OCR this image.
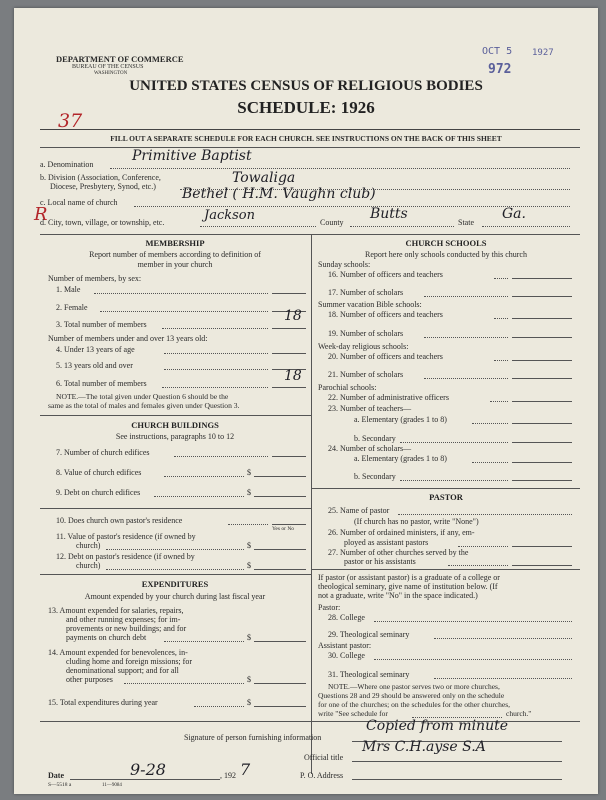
DEPARTMENT OF COMMERCE
BUREAU OF THE CENSUS
WASHINGTON
OCT 5 1927
972
37
UNITED STATES CENSUS OF RELIGIOUS BODIES
SCHEDULE: 1926
FILL OUT A SEPARATE SCHEDULE FOR EACH CHURCH. SEE INSTRUCTIONS ON THE BACK OF THIS SHEET
a. Denomination
Primitive Baptist
b. Division (Association, Conference,
Diocese, Presbytery, Synod, etc.)
Towaliga
c. Local name of church
Bethel ( H.M. Vaughn club)
R
d. City, town, village, or township, etc.	Jackson	County
Butts
State
Ga.
MEMBERSHIP
Report number of members according to definition of
member in your church
Number of members, by sex:
1. Male
2. Female
3. Total number of members
18
Number of members under and over 13 years old:
4. Under 13 years of age
5. 13 years old and over
6. Total number of members	18
NOTE.—The total given under Question 6 should be the
same as the total of males and females given under Question 3.
CHURCH BUILDINGS
See instructions, paragraphs 10 to 12
7. Number of church edifices
8. Value of church edifices	$
9. Debt on church edifices	$
10. Does church own pastor's residence
Yes or No
11. Value of pastor's residence (if owned by
church)	$
12. Debt on pastor's residence (if owned by
church)	$
EXPENDITURES
Amount expended by your church during last fiscal year
13. Amount expended for salaries, repairs,
and other running expenses; for im-
provements or new buildings; and for
payments on church debt	$
14. Amount expended for benevolences, in-
cluding home and foreign missions; for
denominational support; and for all
other purposes	$
15. Total expenditures during year	$
CHURCH SCHOOLS
Report here only schools conducted by this church
Sunday schools:
16. Number of officers and teachers
17. Number of scholars
Summer vacation Bible schools:
18. Number of officers and teachers
19. Number of scholars
Week-day religious schools:
20. Number of officers and teachers
21. Number of scholars
Parochial schools:
22. Number of administrative officers
23. Number of teachers—
a. Elementary (grades 1 to 8)
b. Secondary
24. Number of scholars—
a. Elementary (grades 1 to 8)
b. Secondary
PASTOR
25. Name of pastor
(If church has no pastor, write "None")
26. Number of ordained ministers, if any, em-
ployed as assistant pastors
27. Number of other churches served by the
pastor or his assistants
If pastor (or assistant pastor) is a graduate of a college or
theological seminary, give name of institution below. (If
not a graduate, write "No" in the space indicated.)
Pastor:
28. College
29. Theological seminary
Assistant pastor:
30. College
31. Theological seminary
NOTE.—Where one pastor serves two or more churches,
Questions 28 and 29 should be answered only on the schedule
for one of the churches; on the schedules for the other churches,
write "See schedule for	church."
Signature of person furnishing information
Copied from minute
Official title
Mrs C.H.ayse S.A
Date	9-28	, 192 7	P. O. Address
S—5518 a	11—9084
